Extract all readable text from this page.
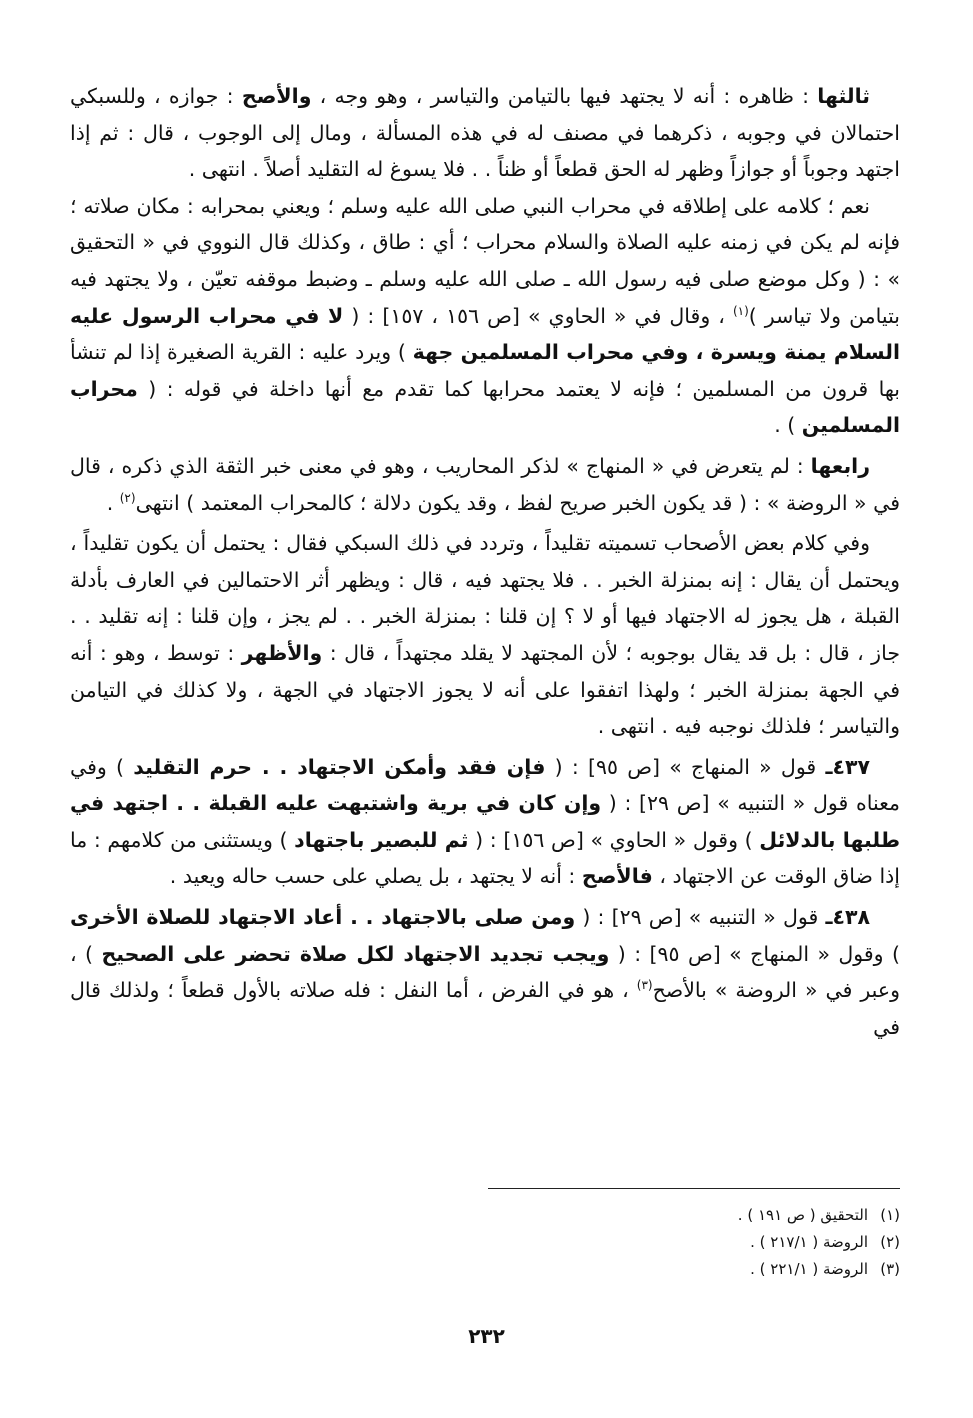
ثالثها : ظاهره : أنه لا يجتهد فيها بالتيامن والتياسر ، وهو وجه ، والأصح : جوازه ، وللسبكي احتمالان في وجوبه ، ذكرهما في مصنف له في هذه المسألة ، ومال إلى الوجوب ، قال : ثم إذا اجتهد وجوباً أو جوازاً وظهر له الحق قطعاً أو ظناً . . فلا يسوغ له التقليد أصلاً . انتهى .

نعم ؛ كلامه على إطلاقه في محراب النبي صلى الله عليه وسلم ؛ ويعني بمحرابه : مكان صلاته ؛ فإنه لم يكن في زمنه عليه الصلاة والسلام محراب ؛ أي : طاق ، وكذلك قال النووي في « التحقيق » : ( وكل موضع صلى فيه رسول الله ـ صلى الله عليه وسلم ـ وضبط موقفه تعيّن ، ولا يجتهد فيه بتيامن ولا تياسر )$^{(١)}$ ، وقال في « الحاوي » [ص ١٥٦ ، ١٥٧] : ( لا في محراب الرسول عليه السلام يمنة ويسرة ، وفي محراب المسلمين جهة ) ويرد عليه : القرية الصغيرة إذا لم تنشأ بها قرون من المسلمين ؛ فإنه لا يعتمد محرابها كما تقدم مع أنها داخلة في قوله : ( محراب المسلمين ) .

رابعها : لم يتعرض في « المنهاج » لذكر المحاريب ، وهو في معنى خبر الثقة الذي ذكره ، قال في « الروضة » : ( قد يكون الخبر صريح لفظ ، وقد يكون دلالة ؛ كالمحراب المعتمد ) انتهى$^{(٢)}$ .

وفي كلام بعض الأصحاب تسميته تقليداً ، وتردد في ذلك السبكي فقال : يحتمل أن يكون تقليداً ، ويحتمل أن يقال : إنه بمنزلة الخبر . . فلا يجتهد فيه ، قال : ويظهر أثر الاحتمالين في العارف بأدلة القبلة ، هل يجوز له الاجتهاد فيها أو لا ؟ إن قلنا : بمنزلة الخبر . . لم يجز ، وإن قلنا : إنه تقليد . . جاز ، قال : بل قد يقال بوجوبه ؛ لأن المجتهد لا يقلد مجتهداً ، قال : والأظهر : توسط ، وهو : أنه في الجهة بمنزلة الخبر ؛ ولهذا اتفقوا على أنه لا يجوز الاجتهاد في الجهة ، ولا كذلك في التيامن والتياسر ؛ فلذلك نوجبه فيه . انتهى .

٤٣٧ـ قول « المنهاج » [ص ٩٥] : ( فإن فقد وأمكن الاجتهاد . . حرم التقليد ) وفي معناه قول « التنبيه » [ص ٢٩] : ( وإن كان في برية واشتبهت عليه القبلة . . اجتهد في طلبها بالدلائل ) وقول « الحاوي » [ص ١٥٦] : ( ثم للبصير باجتهاد ) ويستثنى من كلامهم : ما إذا ضاق الوقت عن الاجتهاد ، فالأصح : أنه لا يجتهد ، بل يصلي على حسب حاله ويعيد .

٤٣٨ـ قول « التنبيه » [ص ٢٩] : ( ومن صلى بالاجتهاد . . أعاد الاجتهاد للصلاة الأخرى ) وقول « المنهاج » [ص ٩٥] : ( ويجب تجديد الاجتهاد لكل صلاة تحضر على الصحيح ) ، وعبر في « الروضة » بالأصح$^{(٣)}$ ، هو في الفرض ، أما النفل : فله صلاته بالأول قطعاً ؛ ولذلك قال في

(١)
التحقيق ( ص ١٩١ ) .
(٢)
الروضة ( ٢١٧/١ ) .
(٣)
الروضة ( ٢٢١/١ ) .
٢٣٢
